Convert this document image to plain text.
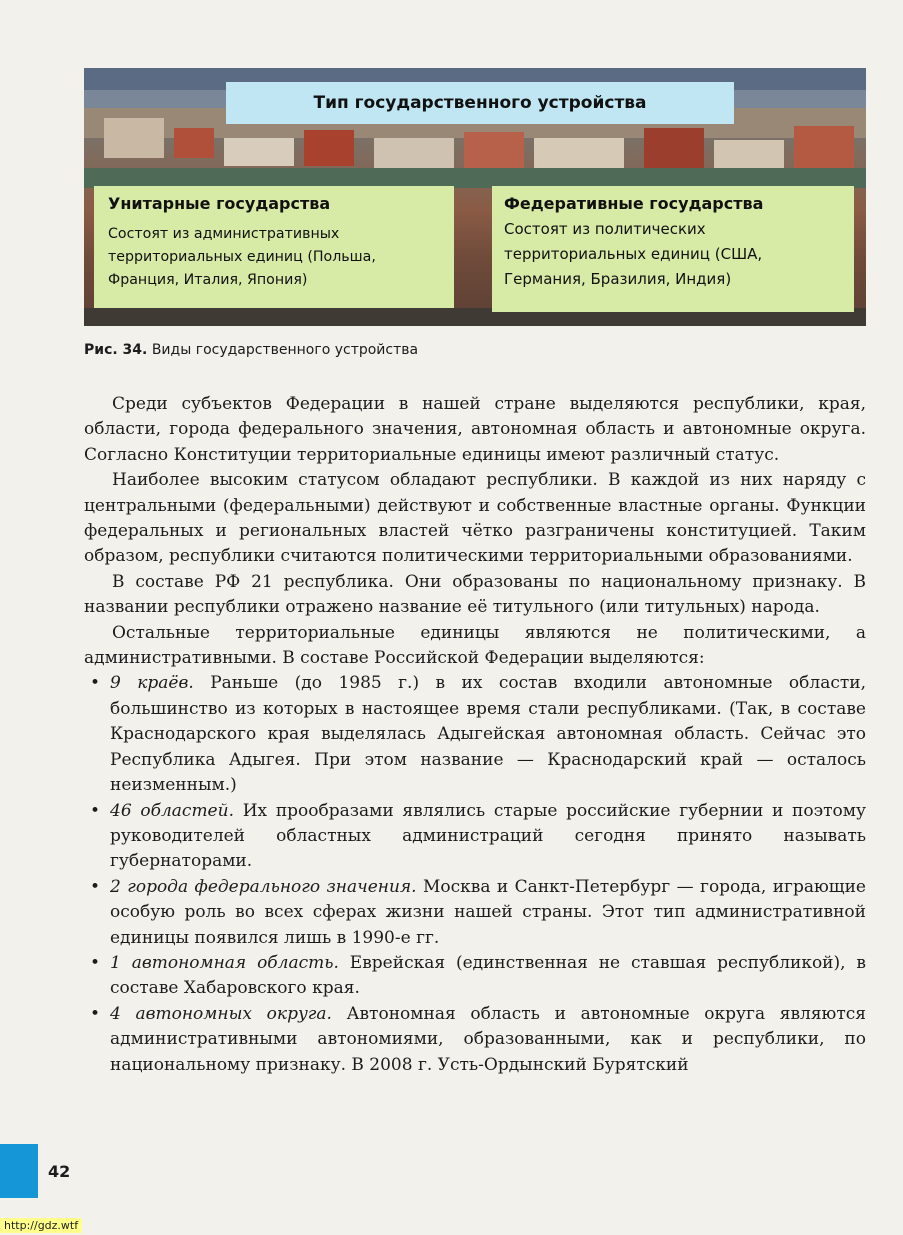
Тип государственного устройства
Унитарные государства
Состоят из административных территориальных единиц (Польша, Франция, Италия, Япония)
Федеративные государства
Состоят из политических территориальных единиц (США, Германия, Бразилия, Индия)
Рис. 34. Виды государственного устройства

Среди субъектов Федерации в нашей стране выделяются республики, края, области, города федерального значения, автономная область и автономные округа. Согласно Конституции территориальные единицы имеют различный статус.

Наиболее высоким статусом обладают республики. В каждой из них наряду с центральными (федеральными) действуют и собственные властные органы. Функции федеральных и региональных властей чётко разграничены конституцией. Таким образом, республики считаются политическими территориальными образованиями.

В составе РФ 21 республика. Они образованы по национальному признаку. В названии республики отражено название её титульного (или титульных) народа.

Остальные территориальные единицы являются не политическими, а административными. В составе Российской Федерации выделяются:

• 9 краёв. Раньше (до 1985 г.) в их состав входили автономные области, большинство из которых в настоящее время стали республиками. (Так, в составе Краснодарского края выделялась Адыгейская автономная область. Сейчас это Республика Адыгея. При этом название — Краснодарский край — осталось неизменным.)
• 46 областей. Их прообразами являлись старые российские губернии и поэтому руководителей областных администраций сегодня принято называть губернаторами.
• 2 города федерального значения. Москва и Санкт-Петербург — города, играющие особую роль во всех сферах жизни нашей страны. Этот тип административной единицы появился лишь в 1990-е гг.
• 1 автономная область. Еврейская (единственная не ставшая республикой), в составе Хабаровского края.
• 4 автономных округа. Автономная область и автономные округа являются административными автономиями, образованными, как и республики, по национальному признаку. В 2008 г. Усть-Ордынский Бурятский
42
http://gdz.wtf
